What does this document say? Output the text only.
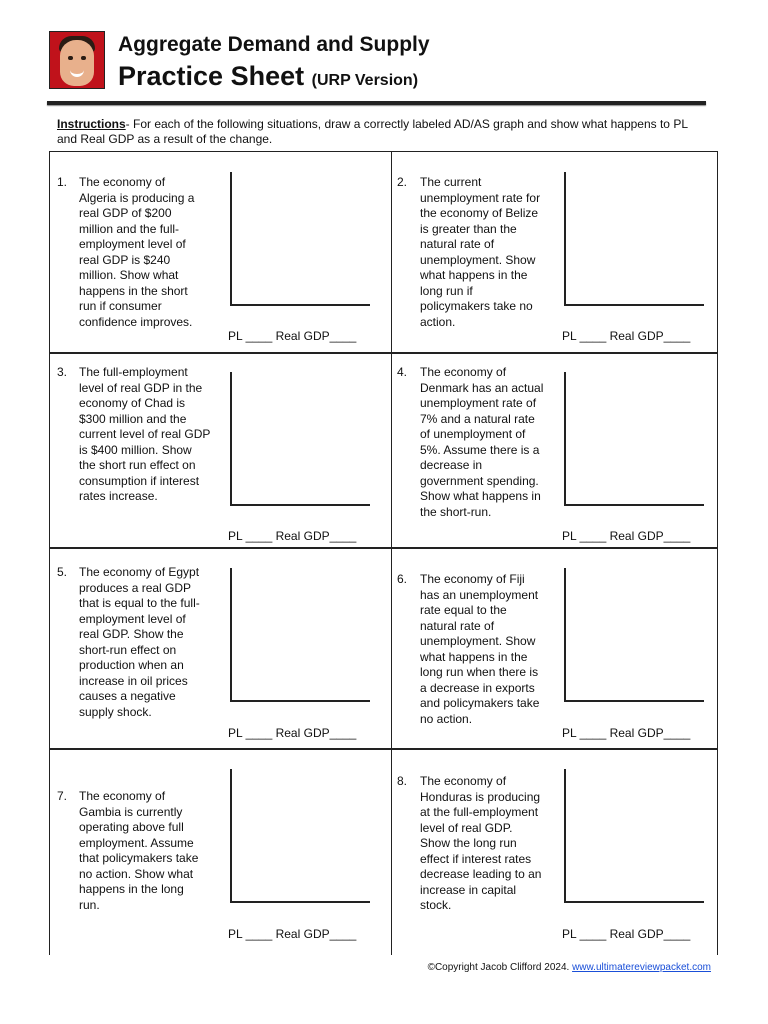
Aggregate Demand and Supply
Practice Sheet (URP Version)
Instructions- For each of the following situations, draw a correctly labeled AD/AS graph and show what happens to PL and Real GDP as a result of the change.
1. The economy of Algeria is producing a real GDP of $200 million and the full-employment level of real GDP is $240 million. Show what happens in the short run if consumer confidence improves.
PL ____ Real GDP____
2. The current unemployment rate for the economy of Belize is greater than the natural rate of unemployment. Show what happens in the long run if policymakers take no action.
PL ____ Real GDP____
3. The full-employment level of real GDP in the economy of Chad is $300 million and the current level of real GDP is $400 million. Show the short run effect on consumption if interest rates increase.
PL ____ Real GDP____
4. The economy of Denmark has an actual unemployment rate of 7% and a natural rate of unemployment of 5%. Assume there is a decrease in government spending. Show what happens in the short-run.
PL ____ Real GDP____
5. The economy of Egypt produces a real GDP that is equal to the full-employment level of real GDP. Show the short-run effect on production when an increase in oil prices causes a negative supply shock.
PL ____ Real GDP____
6. The economy of Fiji has an unemployment rate equal to the natural rate of unemployment. Show what happens in the long run when there is a decrease in exports and policymakers take no action.
PL ____ Real GDP____
7. The economy of Gambia is currently operating above full employment. Assume that policymakers take no action. Show what happens in the long run.
PL ____ Real GDP____
8. The economy of Honduras is producing at the full-employment level of real GDP. Show the long run effect if interest rates decrease leading to an increase in capital stock.
PL ____ Real GDP____
©Copyright Jacob Clifford 2024. www.ultimatereviewpacket.com
